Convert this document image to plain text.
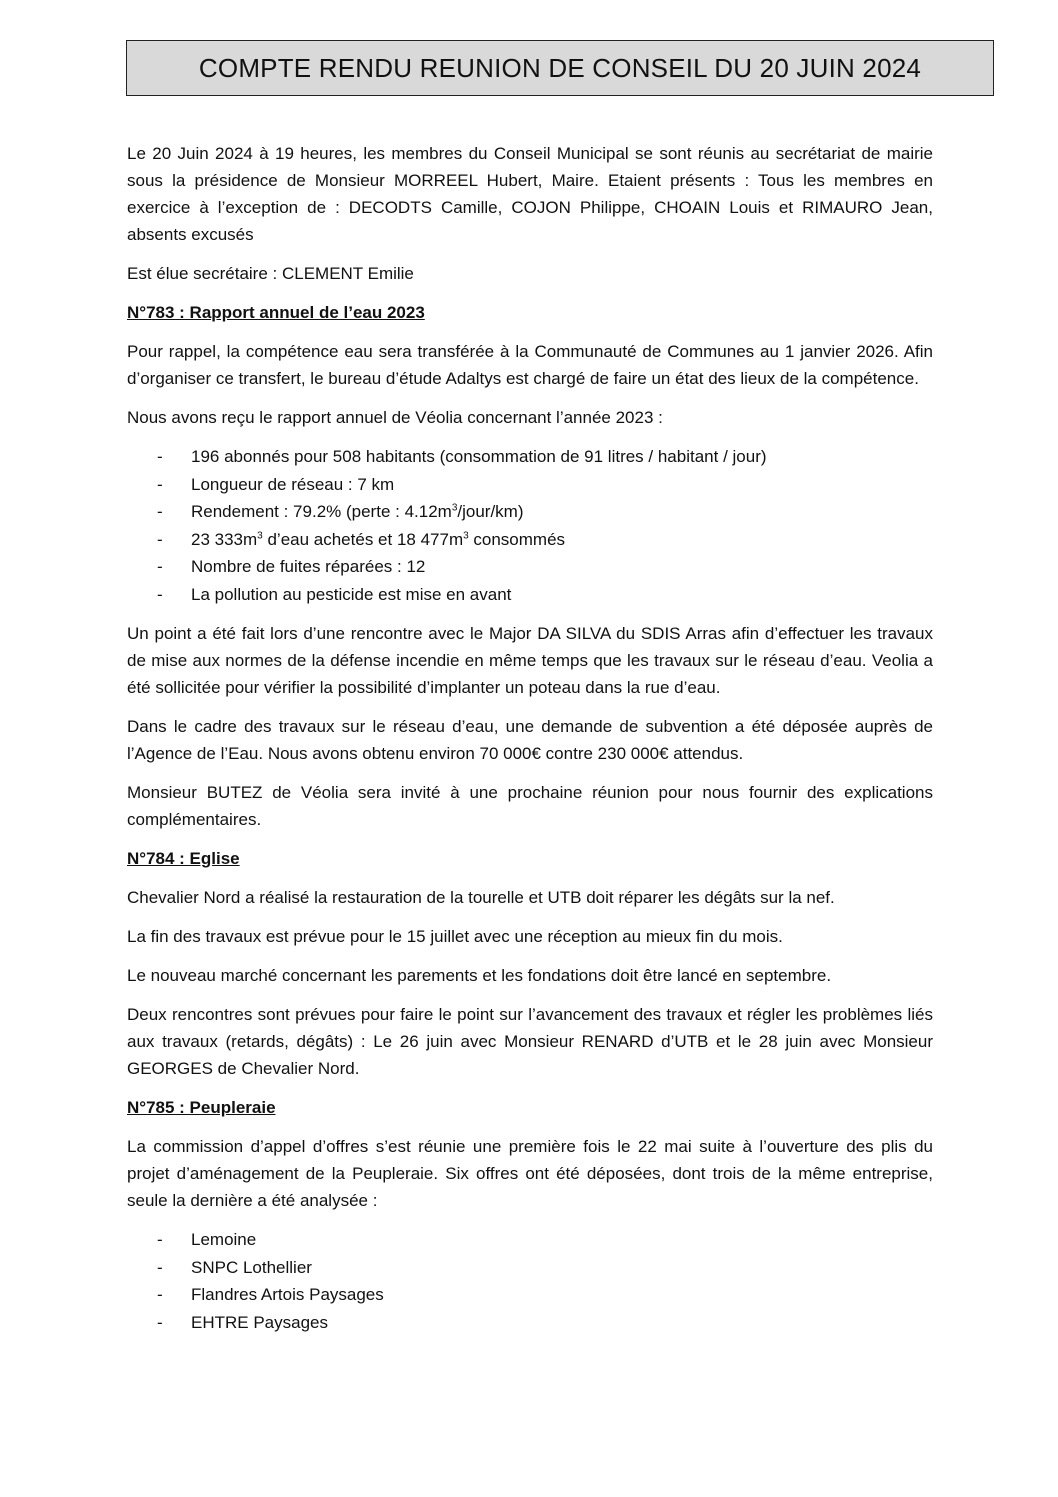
COMPTE RENDU REUNION DE CONSEIL DU 20 JUIN 2024

Le 20 Juin 2024 à 19 heures, les membres du Conseil Municipal se sont réunis au secrétariat de mairie sous la présidence de Monsieur MORREEL Hubert, Maire. Etaient présents : Tous les membres en exercice à l’exception de : DECODTS Camille, COJON Philippe, CHOAIN Louis et RIMAURO Jean, absents excusés

Est élue secrétaire : CLEMENT Emilie

N°783 : Rapport annuel de l’eau 2023

Pour rappel, la compétence eau sera transférée à la Communauté de Communes au 1 janvier 2026. Afin d’organiser ce transfert, le bureau d’étude Adaltys est chargé de faire un état des lieux de la compétence.

Nous avons reçu le rapport annuel de Véolia concernant l’année 2023 :

- 196 abonnés pour 508 habitants (consommation de 91 litres / habitant / jour)
- Longueur de réseau : 7 km
- Rendement : 79.2% (perte : $4.12m^3/jour/km$)
- 23 $333m^3$ d’eau achetés et 18 $477m^3$ consommés
- Nombre de fuites réparées : 12
- La pollution au pesticide est mise en avant

Un point a été fait lors d’une rencontre avec le Major DA SILVA du SDIS Arras afin d’effectuer les travaux de mise aux normes de la défense incendie en même temps que les travaux sur le réseau d’eau. Veolia a été sollicitée pour vérifier la possibilité d’implanter un poteau dans la rue d’eau.

Dans le cadre des travaux sur le réseau d’eau, une demande de subvention a été déposée auprès de l’Agence de l’Eau. Nous avons obtenu environ 70 000€ contre 230 000€ attendus.

Monsieur BUTEZ de Véolia sera invité à une prochaine réunion pour nous fournir des explications complémentaires.

N°784 : Eglise

Chevalier Nord a réalisé la restauration de la tourelle et UTB doit réparer les dégâts sur la nef.

La fin des travaux est prévue pour le 15 juillet avec une réception au mieux fin du mois.

Le nouveau marché concernant les parements et les fondations doit être lancé en septembre.

Deux rencontres sont prévues pour faire le point sur l’avancement des travaux et régler les problèmes liés aux travaux (retards, dégâts) : Le 26 juin avec Monsieur RENARD d’UTB et le 28 juin avec Monsieur GEORGES de Chevalier Nord.

N°785 : Peupleraie

La commission d’appel d’offres s’est réunie une première fois le 22 mai suite à l’ouverture des plis du projet d’aménagement de la Peupleraie. Six offres ont été déposées, dont trois de la même entreprise, seule la dernière a été analysée :

- Lemoine
- SNPC Lothellier
- Flandres Artois Paysages
- EHTRE Paysages
